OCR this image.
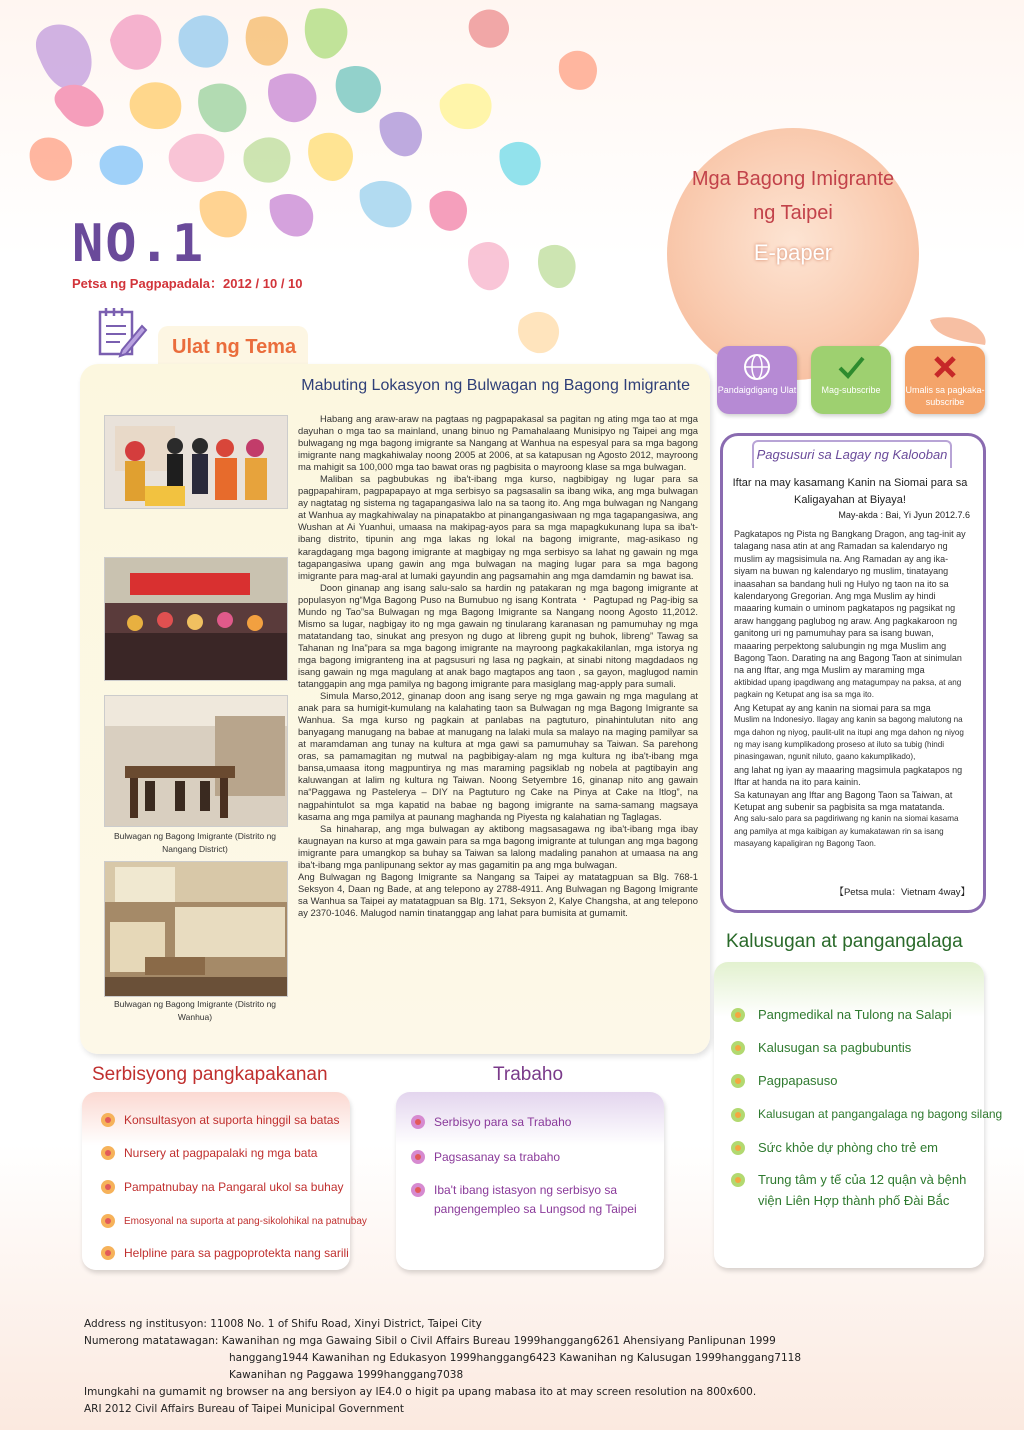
Mga Bagong Imigrante
ng Taipei
E-paper
NO.1
Petsa ng Pagpapadala：2012 / 10 / 10
Pandaigdigang Ulat	Mag-subscribe	Umalis sa pagkaka-subscribe
Ulat ng Tema
Mabuting Lokasyon ng Bulwagan ng Bagong Imigrante
Bulwagan ng Bagong Imigrante (Distrito ng Nangang District)
Bulwagan ng Bagong Imigrante (Distrito ng Wanhua)

Habang ang araw-araw na pagtaas ng pagpapakasal sa pagitan ng ating mga tao at mga dayuhan o mga tao sa mainland, unang binuo ng Pamahalaang Munisipyo ng Taipei ang mga bulwagang ng mga bagong imigrante sa Nangang at Wanhua na espesyal para sa mga bagong imigrante nang magkahiwalay noong 2005 at 2006, at sa katapusan ng Agosto 2012, mayroong ma mahigit sa 100,000 mga tao bawat oras ng pagbisita o mayroong klase sa mga bulwagan.

Maliban sa pagbubukas ng iba't-ibang mga kurso, nagbibigay ng lugar para sa pagpapahiram, pagpapapayo at mga serbisyo sa pagsasalin sa ibang wika, ang mga bulwagan ay nagtatag ng sistema ng tagapangasiwa lalo na sa taong ito. Ang mga bulwagan ng Nangang at Wanhua ay magkahiwalay na pinapatakbo at pinangangasiwaan ng mga tagapangasiwa, ang Wushan at Ai Yuanhui, umaasa na makipag-ayos para sa mga mapagkukunang lupa sa iba't-ibang distrito, tipunin ang mga lakas ng lokal na bagong imigrante, mag-asikaso ng karagdagang mga bagong imigrante at magbigay ng mga serbisyo sa lahat ng gawain ng mga tagapangasiwa upang gawin ang mga bulwagan na maging lugar para sa mga bagong imigrante para mag-aral at lumaki gayundin ang pagsamahin ang mga damdamin ng bawat isa.

Doon ginanap ang isang salu-salo sa hardin ng patakaran ng mga bagong imigrante at populasyon ng“Mga Bagong Puso na Bumubuo ng isang Kontrata ・ Pagtupad ng Pag-ibig sa Mundo ng Tao”sa Bulwagan ng mga Bagong Imigrante sa Nangang noong Agosto 11,2012. Mismo sa lugar, nagbigay ito ng mga gawain ng tinularang karanasan ng pamumuhay ng mga matatandang tao, sinukat ang presyon ng dugo at libreng gupit ng buhok, libreng” Tawag sa Tahanan ng Ina”para sa mga bagong imigrante na mayroong pagkakakilanlan, mga istorya ng mga bagong imigranteng ina at pagsusuri ng lasa ng pagkain, at sinabi nitong magdadaos ng isang gawain ng mga magulang at anak bago magtapos ang taon , sa gayon, maglugod namin tatanggapin ang mga pamilya ng bagong imigrante para masiglang mag-apply para sumali.

Simula Marso,2012, ginanap doon ang isang serye ng mga gawain ng mga magulang at anak para sa humigit-kumulang na kalahating taon sa Bulwagan ng mga Bagong Imigrante sa Wanhua. Sa mga kurso ng pagkain at panlabas na pagtuturo, pinahintulutan nito ang banyagang manugang na babae at manugang na lalaki mula sa malayo na maging pamilyar sa at maramdaman ang tunay na kultura at mga gawi sa pamumuhay sa Taiwan. Sa parehong oras, sa pamamagitan ng mutwal na pagbibigay-alam ng mga kultura ng iba't-ibang mga bansa,umaasa itong magpuntirya ng mas maraming pagsiklab ng nobela at pagtibayin ang kaluwangan at lalim ng kultura ng Taiwan. Noong Setyembre 16, ginanap nito ang gawain na“Paggawa ng Pastelerya – DIY na Pagtuturo ng Cake na Pinya at Cake na Itlog”, na nagpahintulot sa mga kapatid na babae ng bagong imigrante na sama-samang magsaya kasama ang mga pamilya at paunang maghanda ng Piyesta ng kalahatian ng Taglagas.

Sa hinaharap, ang mga bulwagan ay aktibong magsasagawa ng iba't-ibang mga ibay kaugnayan na kurso at mga gawain para sa mga bagong imigrante at tulungan ang mga bagong imigrante para umangkop sa buhay sa Taiwan sa lalong madaling panahon at umaasa na ang iba't-ibang mga panlipunang sektor ay mas gagamitin pa ang mga bulwagan.

Ang Bulwagan ng Bagong Imigrante sa Nangang sa Taipei ay matatagpuan sa Blg. 768-1 Seksyon 4, Daan ng Bade, at ang telepono ay 2788-4911. Ang Bulwagan ng Bagong Imigrante sa Wanhua sa Taipei ay matatagpuan sa Blg. 171, Seksyon 2, Kalye Changsha, at ang telepono ay 2370-1046. Malugod namin tinatanggap ang lahat para bumisita at gumamit.

Pagsusuri sa Lagay ng Kalooban
Iftar na may kasamang Kanin na Siomai para sa Kaligayahan at Biyaya!
May-akda : Bai, Yi Jyun 2012.7.6

Pagkatapos ng Pista ng Bangkang Dragon, ang tag-init ay talagang nasa atin at ang Ramadan sa kalendaryo ng muslim ay magsisimula na. Ang Ramadan ay ang ika-siyam na buwan ng kalendaryo ng muslim, tinatayang inaasahan sa bandang huli ng Hulyo ng taon na ito sa kalendaryong Gregorian. Ang mga Muslim ay hindi maaaring kumain o uminom pagkatapos ng pagsikat ng araw hanggang paglubog ng araw. Ang pagkakaroon ng ganitong uri ng pamumuhay para sa isang buwan, maaaring perpektong salubungin ng mga Muslim ang Bagong Taon. Darating na ang Bagong Taon at sinimulan na ang Iftar, ang mga Muslim ay maraming mga

aktibidad upang ipagdiwang ang matagumpay na paksa, at ang pagkain ng Ketupat ang isa sa mga ito.

Ang Ketupat ay ang kanin na siomai para sa mga

Muslim na Indonesiyo. Ilagay ang kanin sa bagong malutong na mga dahon ng niyog, paulit-ulit na itupi ang mga dahon ng niyog ng may isang kumplikadong proseso at iluto sa tubig (hindi pinasingawan, ngunit niluto, gaano kakumplikado),

ang lahat ng iyan ay maaaring magsimula pagkatapos ng Iftar at handa na ito para kainin.

Sa katunayan ang Iftar ang Bagong Taon sa Taiwan, at Ketupat ang subenir sa pagbisita sa mga matatanda.

Ang salu-salo para sa pagdiriwang ng kanin na siomai kasama ang pamilya at mga kaibigan ay kumakatawan rin sa isang masayang kapaligiran ng Bagong Taon.

【Petsa mula：Vietnam 4way】
Kalusugan at pangangalaga
Pangmedikal na Tulong na Salapi
Kalusugan sa pagbubuntis
Pagpapasuso
Kalusugan at pangangalaga ng bagong silang
Sức khỏe dự phòng cho trẻ em
Trung tâm y tế của 12 quận và bệnh viện Liên Hợp thành phố Đài Bắc
Serbisyong pangkapakanan
Konsultasyon at suporta hinggil sa batas
Nursery at pagpapalaki ng mga bata
Pampatnubay na Pangaral ukol sa buhay
Emosyonal na suporta at pang-sikolohikal na patnubay
Helpline para sa pagpoprotekta nang sarili
Trabaho
Serbisyo para sa Trabaho
Pagsasanay sa trabaho
Iba't ibang istasyon ng serbisyo sa pangengempleo sa Lungsod ng Taipei
Address ng institusyon: 11008 No. 1 of Shifu Road, Xinyi District, Taipei City
Numerong matatawagan: Kawanihan ng mga Gawaing Sibil o Civil Affairs Bureau 1999hanggang6261 Ahensiyang Panlipunan 1999
hanggang1944 Kawanihan ng Edukasyon 1999hanggang6423 Kawanihan ng Kalusugan 1999hanggang7118
Kawanihan ng Paggawa 1999hanggang7038
Imungkahi na gumamit ng browser na ang bersiyon ay IE4.0 o higit pa upang mabasa ito at may screen resolution na 800x600.
ARI 2012 Civil Affairs Bureau of Taipei Municipal Government
